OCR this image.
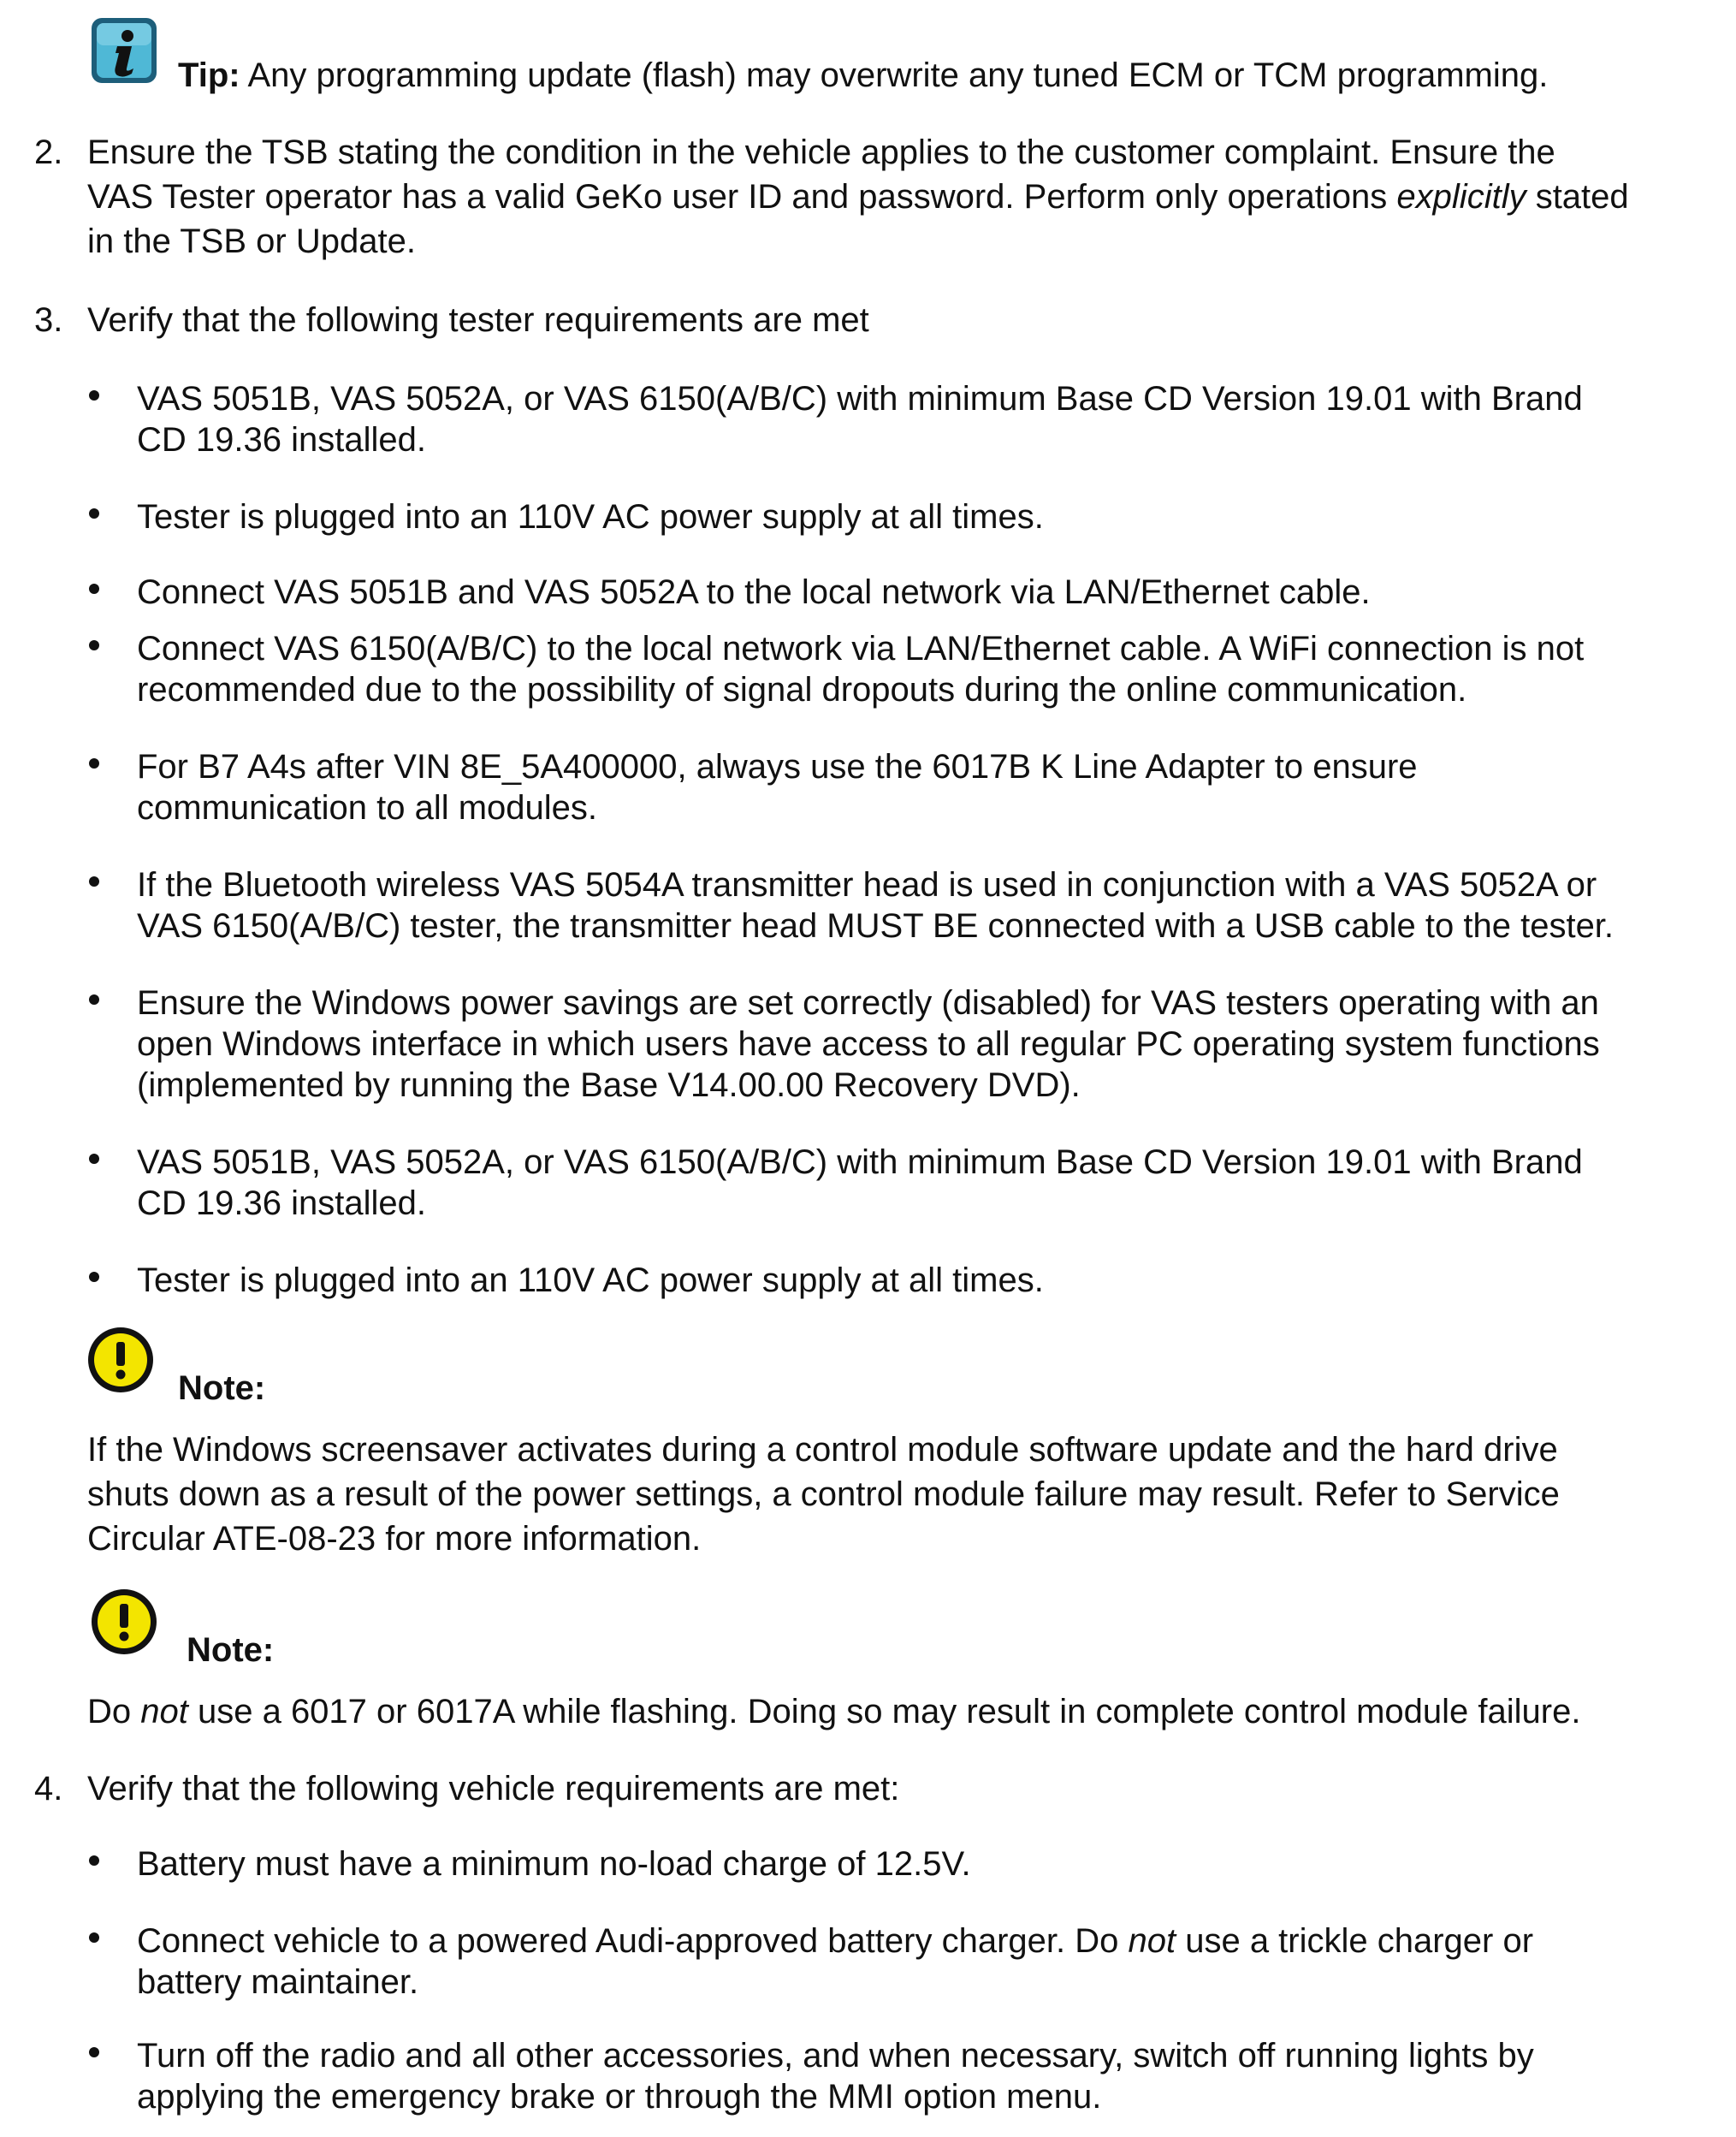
Tip: Any programming update (flash) may overwrite any tuned ECM or TCM programming.
2. Ensure the TSB stating the condition in the vehicle applies to the customer complaint. Ensure the
VAS Tester operator has a valid GeKo user ID and password. Perform only operations explicitly stated
in the TSB or Update.
3. Verify that the following tester requirements are met
VAS 5051B, VAS 5052A, or VAS 6150(A/B/C) with minimum Base CD Version 19.01 with Brand
CD 19.36 installed.
Tester is plugged into an 110V AC power supply at all times.
Connect VAS 5051B and VAS 5052A to the local network via LAN/Ethernet cable.
Connect VAS 6150(A/B/C) to the local network via LAN/Ethernet cable. A WiFi connection is not
recommended due to the possibility of signal dropouts during the online communication.
For B7 A4s after VIN 8E_5A400000, always use the 6017B K Line Adapter to ensure
communication to all modules.
If the Bluetooth wireless VAS 5054A transmitter head is used in conjunction with a VAS 5052A or
VAS 6150(A/B/C) tester, the transmitter head MUST BE connected with a USB cable to the tester.
Ensure the Windows power savings are set correctly (disabled) for VAS testers operating with an
open Windows interface in which users have access to all regular PC operating system functions
(implemented by running the Base V14.00.00 Recovery DVD).
VAS 5051B, VAS 5052A, or VAS 6150(A/B/C) with minimum Base CD Version 19.01 with Brand
CD 19.36 installed.
Tester is plugged into an 110V AC power supply at all times.
Note:
If the Windows screensaver activates during a control module software update and the hard drive
shuts down as a result of the power settings, a control module failure may result. Refer to Service
Circular ATE-08-23 for more information.
Note:
Do not use a 6017 or 6017A while flashing. Doing so may result in complete control module failure.
4. Verify that the following vehicle requirements are met:
Battery must have a minimum no-load charge of 12.5V.
Connect vehicle to a powered Audi-approved battery charger. Do not use a trickle charger or
battery maintainer.
Turn off the radio and all other accessories, and when necessary, switch off running lights by
applying the emergency brake or through the MMI option menu.
